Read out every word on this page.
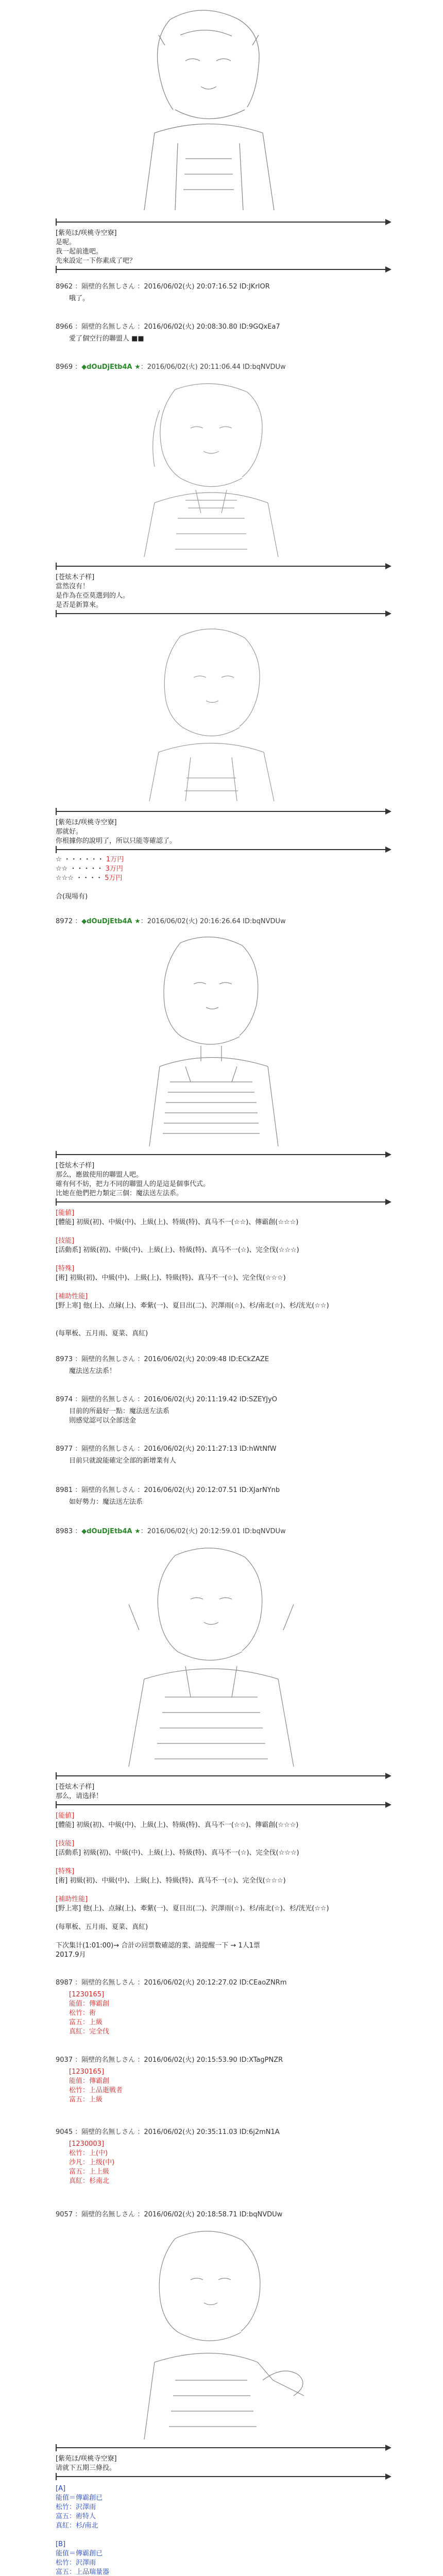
[紫苑ほ/咲桃寺空寮]
是呢。
我一起前進吧。
先來設定一下你素成了吧？
8962 ：隔壁的名無しさん ：2016/06/02(火) 20:07:16.52 ID:JKrIOR
哦了。
8966 ：隔壁的名無しさん ：2016/06/02(火) 20:08:30.80 ID:9GQxEa7
愛了個空行的聯盟人 ■■
8969 ：◆dOuDjEtb4A ★：2016/06/02(火) 20:11:06.44 ID:bqNVDUw
[苍炫木子样]
當然沒有！
是作為在亞莫選到的人。
是否是新算來。
[紫苑ほ/咲桃寺空寮]
那就好。
你根據你的說明了，所以只能等確認了。
☆ ・・・・・・ 1万円
☆☆ ・・・・・ 3万円
☆☆☆ ・・・・ 5万円
合(現場有)
8972 ：◆dOuDjEtb4A ★：2016/06/02(火) 20:16:26.64 ID:bqNVDUw
[苍炫木子样]
那么，應做使用的聯盟人吧。
確有何不妨，把力不同的聯盟人的是這是個事代式。
比她在他們把力類定三個：魔法送左法系。
[能値]
[體能] 初級(初)、中級(中)、上級(上)、特級(特)、真马不一(☆☆)、傳霸創(☆☆☆)
[技能]
[活動系] 初級(初)、中級(中)、上級(上)、特級(特)、真马不一(☆)、完全伐(☆☆☆)
[特殊]
[術] 初級(初)、中級(中)、上級(上)、特級(特)、真马不一(☆)、完全伐(☆☆☆)
[補助性能]
[野上寒] 他(上)、点縁(上)、牽紫(一)、夏目出(二)、沢澤雨(☆)、杉/南北(☆)、杉/洸光(☆☆)
(每單板、五月雨、夏菜、真紅)
8973 ：隔壁的名無しさん ：2016/06/02(火) 20:09:48 ID:ECkZAZE
魔法送左法系！
8974 ：隔壁的名無しさん ：2016/06/02(火) 20:11:19.42 ID:SZEYJyO
目前的所最好一點：魔法送左法系
則感觉認可以全部送金
8977 ：隔壁的名無しさん ：2016/06/02(火) 20:11:27:13 ID:hWtNfW
目前只就說能確定全部的新增業有人
8981 ：隔壁的名無しさん ：2016/06/02(火) 20:12:07.51 ID:XJarNYnb
如好勢力：魔法送左法系
8983 ：◆dOuDjEtb4A ★：2016/06/02(火) 20:12:59.01 ID:bqNVDUw
[苍炫木子样]
那么，请选择！
[能値]
[體能] 初級(初)、中級(中)、上級(上)、特級(特)、真马不一(☆☆)、傳霸創(☆☆☆)
[技能]
[活動系] 初級(初)、中級(中)、上級(上)、特級(特)、真马不一(☆)、完全伐(☆☆☆)
[特殊]
[術] 初級(初)、中級(中)、上級(上)、特級(特)、真马不一(☆)、完全伐(☆☆☆)
[補助性能]
[野上寒] 他(上)、点縁(上)、牽紫(一)、夏目出(二)、沢澤雨(☆)、杉/南北(☆)、杉/洸光(☆☆)
(每單板、五月雨、夏菜、真紅)
下次集计(1:01:00)→ 合計の回票数確認的業、請提醒一下 → 1人1票
2017.9月
8987 ：隔壁的名無しさん ：2016/06/02(火) 20:12:27.02 ID:CEaoZNRm
[1230165]
能值：傳霸創
松竹：術
富五：上級
真紅：完全伐
9037 ：隔壁的名無しさん ：2016/06/02(火) 20:15:53.90 ID:XTagPNZR
[1230165]
能值：傳霸創
松竹：上品逝戦者
富五：上級
9045 ：隔壁的名無しさん ：2016/06/02(火) 20:35:11.03 ID:6j2mN1A
[1230003]
松竹：上(中)
沙凡：上级(中)
富五：上上級
真紅：杉南北
9057 ：隔壁的名無しさん ：2016/06/02(火) 20:18:58.71 ID:bqNVDUw
[紫苑ほ/咲桃寺空寮]
请就下五期三條投。
[A]
能值＝傳霸創已
松竹：沢澤雨
富五：術特人
真紅：杉/南北
[B]
能值＝傳霸創已
松竹：沢澤雨
富五：上品瑞量器
